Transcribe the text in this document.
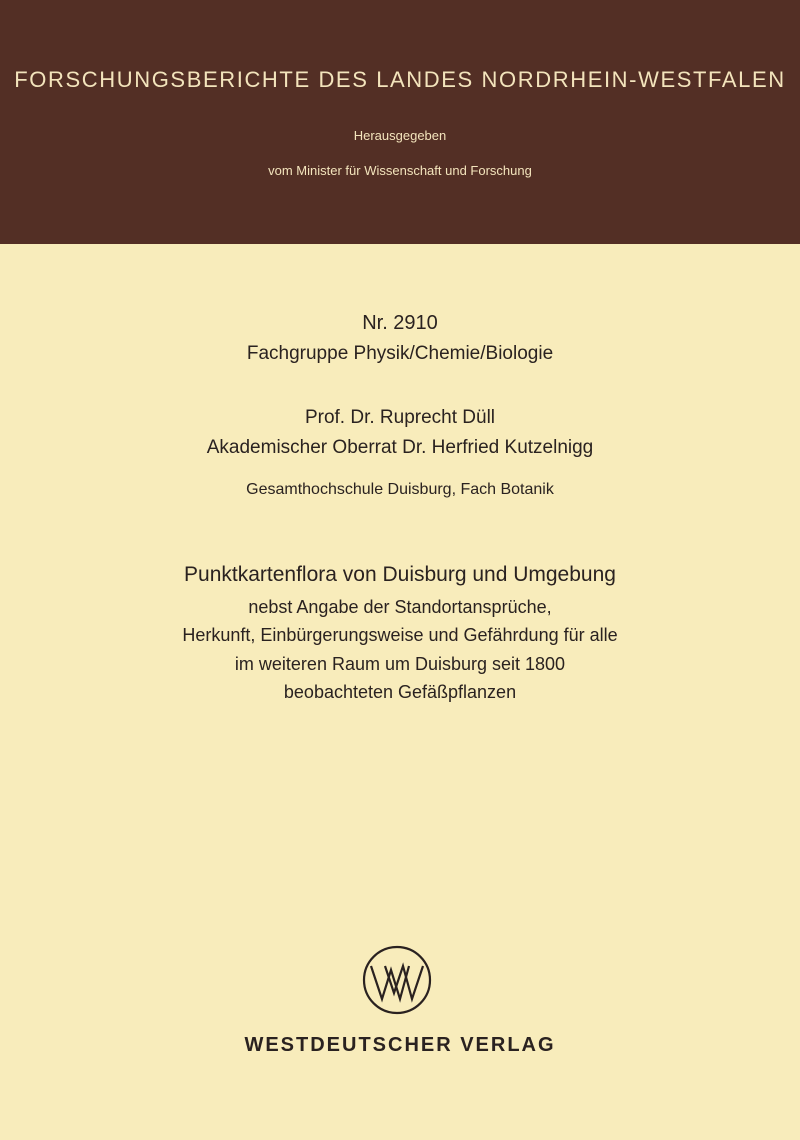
FORSCHUNGSBERICHTE DES LANDES NORDRHEIN-WESTFALEN
Herausgegeben
vom Minister für Wissenschaft und Forschung
Nr. 2910
Fachgruppe Physik/Chemie/Biologie
Prof. Dr. Ruprecht Düll
Akademischer Oberrat Dr. Herfried Kutzelnigg
Gesamthochschule Duisburg, Fach Botanik
Punktkartenflora von Duisburg und Umgebung
nebst Angabe der Standortansprüche,
Herkunft, Einbürgerungsweise und Gefährdung für alle
im weiteren Raum um Duisburg seit 1800
beobachteten Gefäßpflanzen
WESTDEUTSCHER VERLAG
